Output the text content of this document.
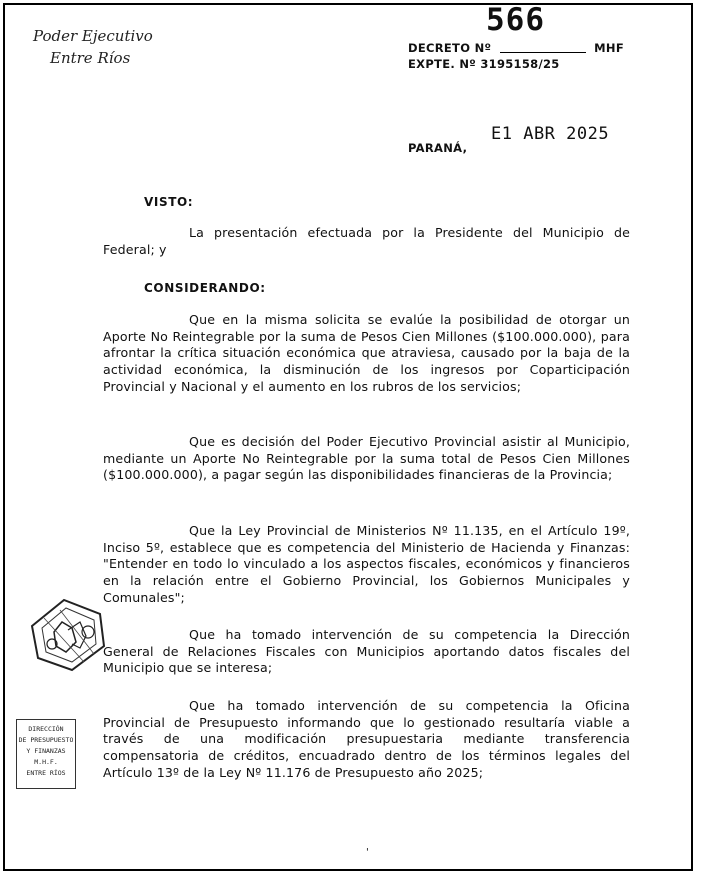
Poder Ejecutivo
Entre Ríos
566
DECRETO Nº	MHF
EXPTE. Nº 3195158/25
PARANÁ,
E1 ABR 2025
VISTO:
La presentación efectuada por la Presidente del Municipio de Federal; y
CONSIDERANDO:
Que en la misma solicita se evalúe la posibilidad de otorgar un Aporte No Reintegrable por la suma de Pesos Cien Millones ($100.000.000), para afrontar la crítica situación económica que atraviesa, causado por la baja de la actividad económica, la disminución de los ingresos por Coparticipación Provincial y Nacional y el aumento en los rubros de los servicios;
Que es decisión del Poder Ejecutivo Provincial asistir al Municipio, mediante un Aporte No Reintegrable por la suma total de Pesos Cien Millones ($100.000.000), a pagar según las disponibilidades financieras de la Provincia;
Que la Ley Provincial de Ministerios Nº 11.135, en el Artículo 19º, Inciso 5º, establece que es competencia del Ministerio de Hacienda y Finanzas: "Entender en todo lo vinculado a los aspectos fiscales, económicos y financieros en la relación entre el Gobierno Provincial, los Gobiernos Municipales y Comunales";
Que ha tomado intervención de su competencia la Dirección General de Relaciones Fiscales con Municipios aportando datos fiscales del Municipio que se interesa;
Que ha tomado intervención de su competencia la Oficina Provincial de Presupuesto informando que lo gestionado resultaría viable a través de una modificación presupuestaria mediante transferencia compensatoria de créditos, encuadrado dentro de los términos legales del Artículo 13º de la Ley Nº 11.176 de Presupuesto año 2025;
DIRECCIÓN
DE PRESUPUESTO
Y FINANZAS
M.H.F.
ENTRE RÍOS
'
